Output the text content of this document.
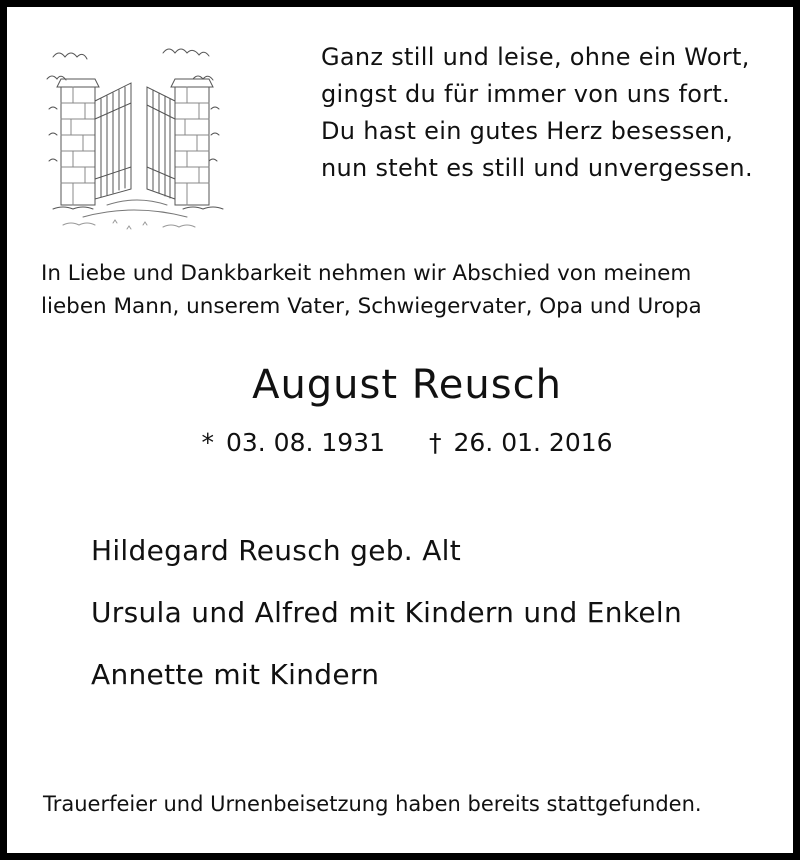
Ganz still und leise, ohne ein Wort,
gingst du für immer von uns fort.
Du hast ein gutes Herz besessen,
nun steht es still und unvergessen.
In Liebe und Dankbarkeit nehmen wir Abschied von meinem
lieben Mann, unserem Vater, Schwiegervater, Opa und Uropa
August Reusch
* 03. 08. 1931 † 26. 01. 2016
Hildegard Reusch geb. Alt
Ursula und Alfred mit Kindern und Enkeln
Annette mit Kindern
Trauerfeier und Urnenbeisetzung haben bereits stattgefunden.
